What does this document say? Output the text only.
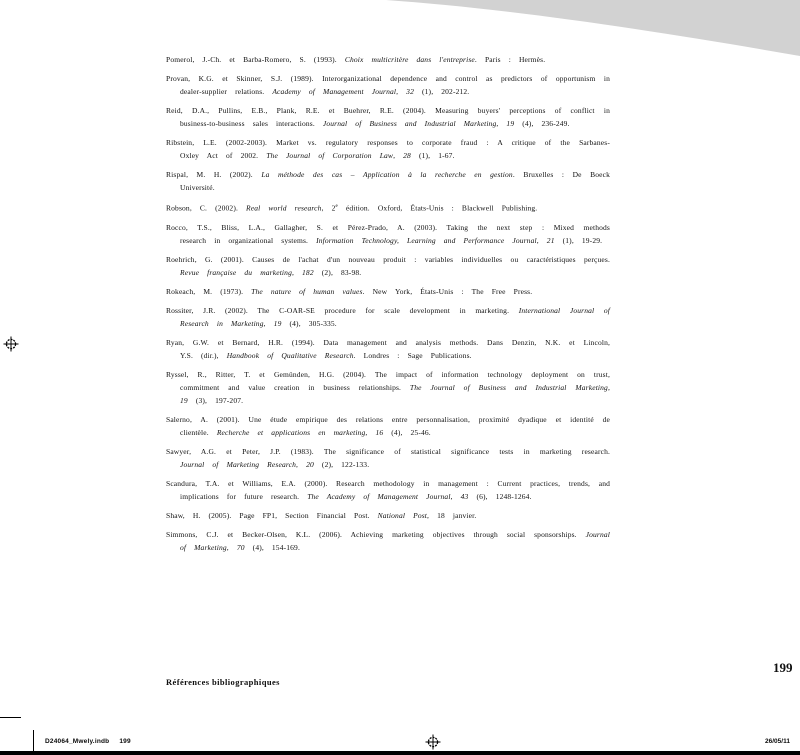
Pomerol, J.-Ch. et Barba-Romero, S. (1993). Choix multicritère dans l'entreprise. Paris : Hermès.

Provan, K.G. et Skinner, S.J. (1989). Interorganizational dependence and control as predictors of opportunism in dealer-supplier relations. Academy of Management Journal, 32 (1), 202-212.

Reid, D.A., Pullins, E.B., Plank, R.E. et Buehrer, R.E. (2004). Measuring buyers' perceptions of conflict in business-to-business sales interactions. Journal of Business and Industrial Marketing, 19 (4), 236-249.

Ribstein, L.E. (2002-2003). Market vs. regulatory responses to corporate fraud : A critique of the Sarbanes-Oxley Act of 2002. The Journal of Corporation Law, 28 (1), 1-67.

Rispal, M. H. (2002). La méthode des cas – Application à la recherche en gestion. Bruxelles : De Boeck Université.

Robson, C. (2002). Real world research, 2e édition. Oxford, États-Unis : Blackwell Publishing.

Rocco, T.S., Bliss, L.A., Gallagher, S. et Pérez-Prado, A. (2003). Taking the next step : Mixed methods research in organizational systems. Information Technology, Learning and Performance Journal, 21 (1), 19-29.

Roehrich, G. (2001). Causes de l'achat d'un nouveau produit : variables individuelles ou caractéristiques perçues. Revue française du marketing, 182 (2), 83-98.

Rokeach, M. (1973). The nature of human values. New York, États-Unis : The Free Press.

Rossiter, J.R. (2002). The C-OAR-SE procedure for scale development in marketing. International Journal of Research in Marketing, 19 (4), 305-335.

Ryan, G.W. et Bernard, H.R. (1994). Data management and analysis methods. Dans Denzin, N.K. et Lincoln, Y.S. (dir.), Handbook of Qualitative Research. Londres : Sage Publications.

Ryssel, R., Ritter, T. et Gemünden, H.G. (2004). The impact of information technology deployment on trust, commitment and value creation in business relationships. The Journal of Business and Industrial Marketing, 19 (3), 197-207.

Salerno, A. (2001). Une étude empirique des relations entre personnalisation, proximité dyadique et identité de clientèle. Recherche et applications en marketing, 16 (4), 25-46.

Sawyer, A.G. et Peter, J.P. (1983). The significance of statistical significance tests in marketing research. Journal of Marketing Research, 20 (2), 122-133.

Scandura, T.A. et Williams, E.A. (2000). Research methodology in management : Current practices, trends, and implications for future research. The Academy of Management Journal, 43 (6), 1248-1264.

Shaw, H. (2005). Page FP1, Section Financial Post. National Post, 18 janvier.

Simmons, C.J. et Becker-Olsen, K.L. (2006). Achieving marketing objectives through social sponsorships. Journal of Marketing, 70 (4), 154-169.

Références bibliographiques
199
D24064_Mwely.indb 199	26/05/11
